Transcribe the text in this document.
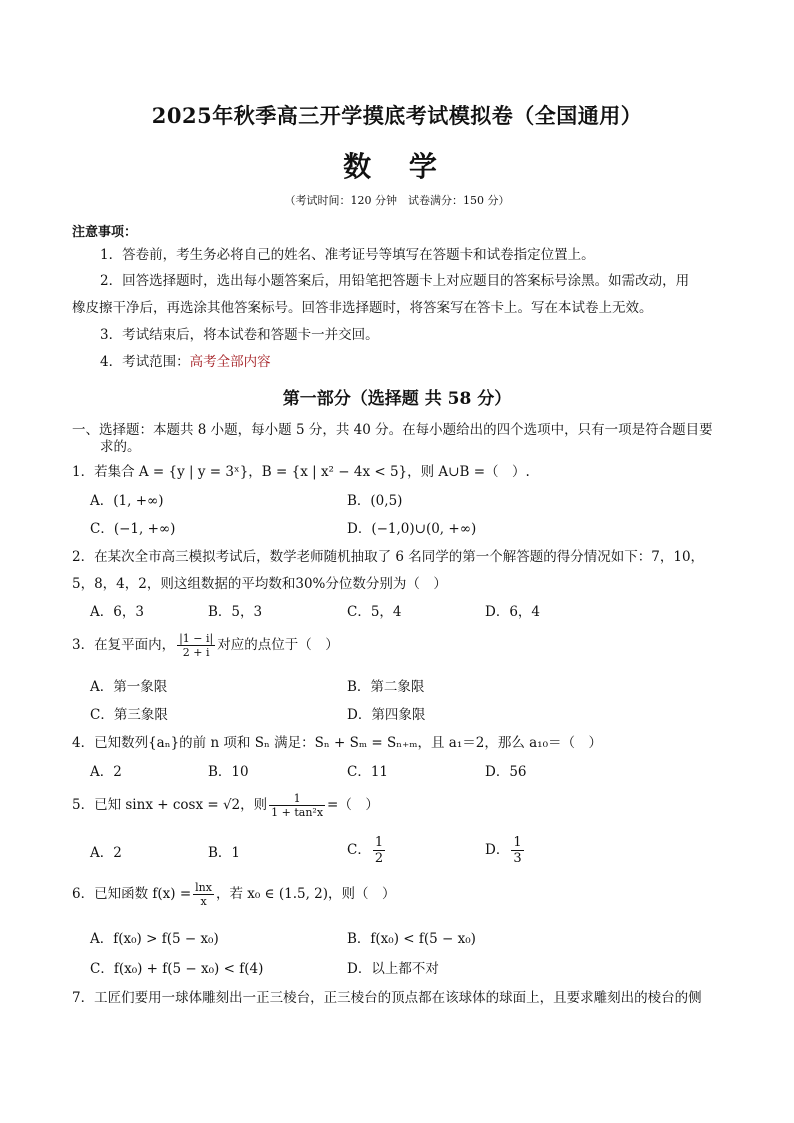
2025年秋季高三开学摸底考试模拟卷（全国通用）
数 学
（考试时间：120 分钟　试卷满分：150 分）
注意事项：
1．答卷前，考生务必将自己的姓名、准考证号等填写在答题卡和试卷指定位置上。
2．回答选择题时，选出每小题答案后，用铅笔把答题卡上对应题目的答案标号涂黑。如需改动，用
橡皮擦干净后，再选涂其他答案标号。回答非选择题时，将答案写在答卡上。写在本试卷上无效。
3．考试结束后，将本试卷和答题卡一并交回。
4．考试范围：高考全部内容
第一部分（选择题 共 58 分）
一、选择题：本题共 8 小题，每小题 5 分，共 40 分。在每小题给出的四个选项中，只有一项是符合题目要
求的。
1．若集合 A = {y | y = 3ˣ}，B = {x | x² − 4x < 5}，则 A∪B =（　）.
A．(1, +∞)	B．(0,5)
C．(−1, +∞)	D．(−1,0)∪(0, +∞)
2．在某次全市高三模拟考试后，数学老师随机抽取了 6 名同学的第一个解答题的得分情况如下：7，10，
5，8，4，2，则这组数据的平均数和30%分位数分别为（　）
A．6，3	B．5，3	C．5，4	D．6，4
3．在复平面内， $\frac{|1 - i|}{2 + i}$ 对应的点位于（　）
A．第一象限	B．第二象限
C．第三象限	D．第四象限
4．已知数列{aₙ}的前 n 项和 Sₙ 满足：Sₙ + Sₘ = Sₙ₊ₘ，且 a₁＝2，那么 a₁₀＝（　）
A．2	B．10	C．11	D．56
5．已知 sinx + cosx = √2，则 $\frac{1}{\text{1 + tan²x}}$ =（　）
A．2	B．1	C． $\frac{1}{2}$	D． $\frac{1}{3}$
6．已知函数 $f(x) = \frac{\ln x}{x}$ ，若 x₀ ∈ (1.5, 2)，则（　）
A．f(x₀) > f(5 − x₀)	B．f(x₀) < f(5 − x₀)
C．f(x₀) + f(5 − x₀) < f(4)	D．以上都不对
7．工匠们要用一球体雕刻出一正三棱台，正三棱台的顶点都在该球体的球面上，且要求雕刻出的棱台的侧
